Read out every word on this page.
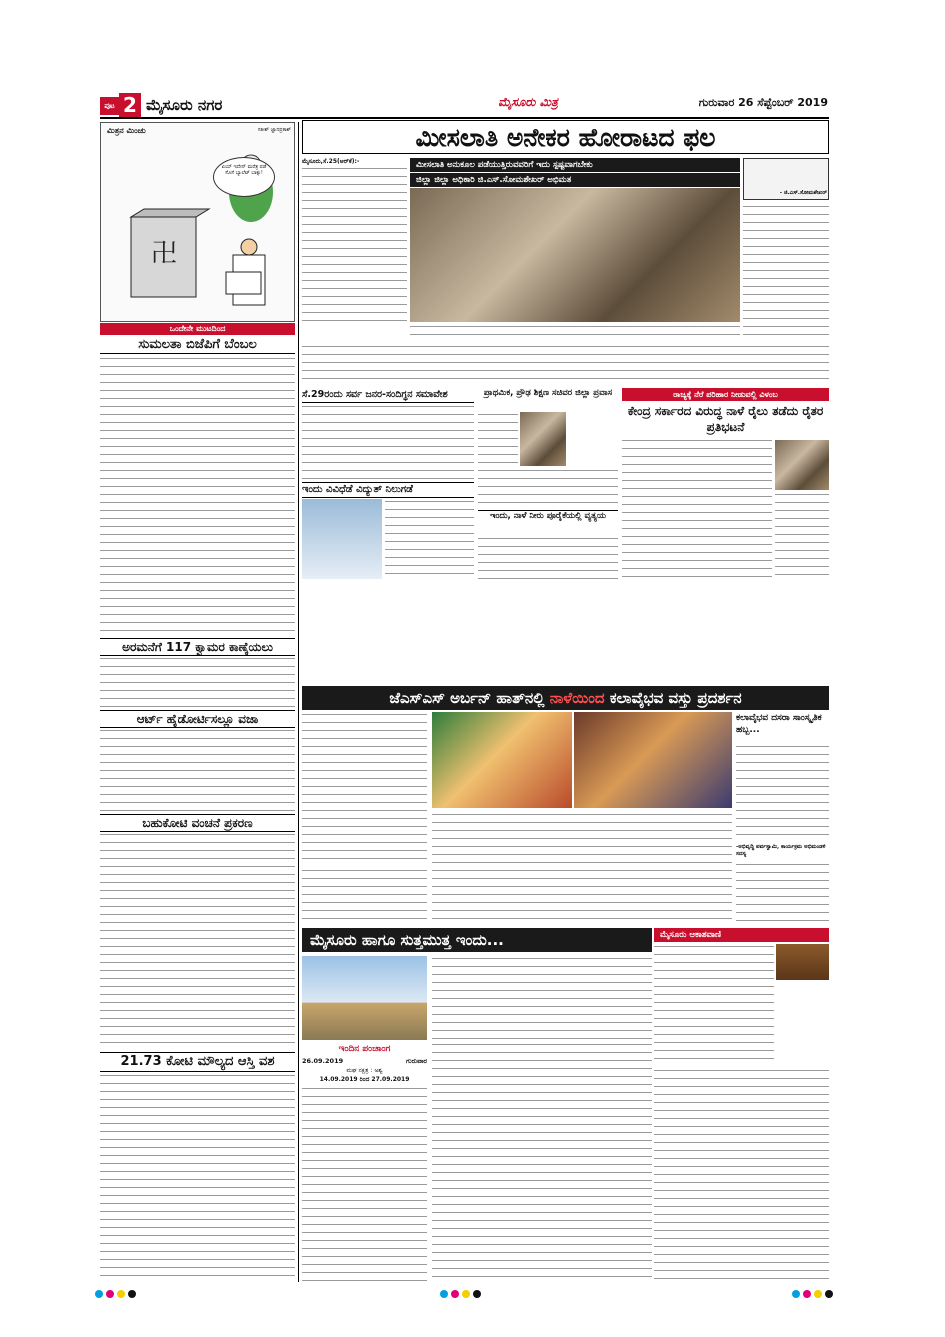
ಪುಟ 2 ಮೈಸೂರು ನಗರ	ಮೈಸೂರು ಮಿತ್ರ	ಗುರುವಾರ 26 ಸೆಪ್ಟೆಂಬರ್ 2019
ಮಿತ್ರನ ಮಿಂಚು	ಸತೀಶ್ ಜ್ಞಾನಪ್ರಕಾಶ್
卍
ಏಯ್ ಇದೇನ್ ಮರೆತ್ರ ಪಡೆ ಸೊಸೆ ಬ್ಯಾಲೆಟ್ ಬಾಕ್ಸು!
ಒಂದೇನೇ ಮುಟದಿಂದ
ಸುಮಲತಾ ಬಿಜೆಪಿಗೆ ಬೆಂಬಲ
ಅರಮನೆಗೆ 117 ಕ್ವಾಮರ ಕಾಣ್ಕೆಯಲು
ಆರ್ಟ್ ಹೈಡೋರ್ಟಿಸಲ್ಲೂ ವಜಾ
ಬಹುಕೋಟಿ ವಂಚನೆ ಪ್ರಕರಣ
21.73 ಕೋಟಿ ಮೌಲ್ಯದ ಆಸ್ತಿ ವಶ
ಮೀಸಲಾತಿ ಅನೇಕರ ಹೋರಾಟದ ಫಲ
ಮೈಸೂರು,ಸೆ.25(ಆರ್‌ಕೆ):-	ಮೀಸಲಾತಿ ಅನುಕೂಲ ಪಡೆಯುತ್ತಿರುವವರಿಗೆ ಇದು ಸ್ಪಷ್ಟವಾಗಬೇಕು
ಜಿಲ್ಲಾ ಜಿಲ್ಲಾ ಅಧಿಕಾರಿ ಜಿ.ಎಸ್.ಸೋಮಶೇಖರ್ ಅಭಿಮತ
- ಜಿ.ಎಸ್.ಸೋಮಶೇಖರ್
ಸೆ.29ರಂದು ಸರ್ವ ಜನರ-ಸಂದಿಗ್ಧನ ಸಮಾವೇಶ
ಇಂದು ವಿವಿಧೆಡೆ ವಿದ್ಯುತ್ ನಿಲುಗಡೆ
ಪ್ರಾಥಮಿಕ, ಪ್ರೌಢ ಶಿಕ್ಷಣ ಸಚಿವರ ಜಿಲ್ಲಾ ಪ್ರವಾಸ
ಇಂದು, ನಾಳೆ ನೀರು ಪೂರೈಕೆಯಲ್ಲಿ ವ್ಯತ್ಯಯ
ರಾಜ್ಯಕ್ಕೆ ನೆರೆ ಪರಿಹಾರ ನೀಡುವಲ್ಲಿ ವಿಳಂಬ
ಕೇಂದ್ರ ಸರ್ಕಾರದ ವಿರುದ್ಧ ನಾಳೆ ರೈಲು ತಡೆದು ರೈತರ ಪ್ರತಿಭಟನೆ
ಜೆಎಸ್‌ಎಸ್ ಅರ್ಬನ್ ಹಾತ್‌ನಲ್ಲಿ ನಾಳೆಯಿಂದ ಕಲಾವೈಭವ ವಸ್ತು ಪ್ರದರ್ಶನ
ಕಲಾವೈಭವ ದಸರಾ ಸಾಂಸ್ಕೃತಿಕ ಹಬ್ಬ...
-ಅಭಿವೃದ್ಧಿ ಪರ್ವಸ್ವಾಮಿ, ಕಾರ್ಯಕ್ರಮ ಅಭಿಮಂಡಳಿ ಸದಸ್ಯ
ಮೈಸೂರು ಹಾಗೂ ಸುತ್ತಮುತ್ತ ಇಂದು...	ಮೈಸೂರು ಆಕಾಶವಾಣಿ
ಇಂದಿನ ಪಂಚಾಂಗ
26.09.2019	ಗುರುವಾರ
ಮಘ ನಕ್ಷತ್ರ : ಅಶ್ವ
14.09.2019 ರಿಂದ 27.09.2019
